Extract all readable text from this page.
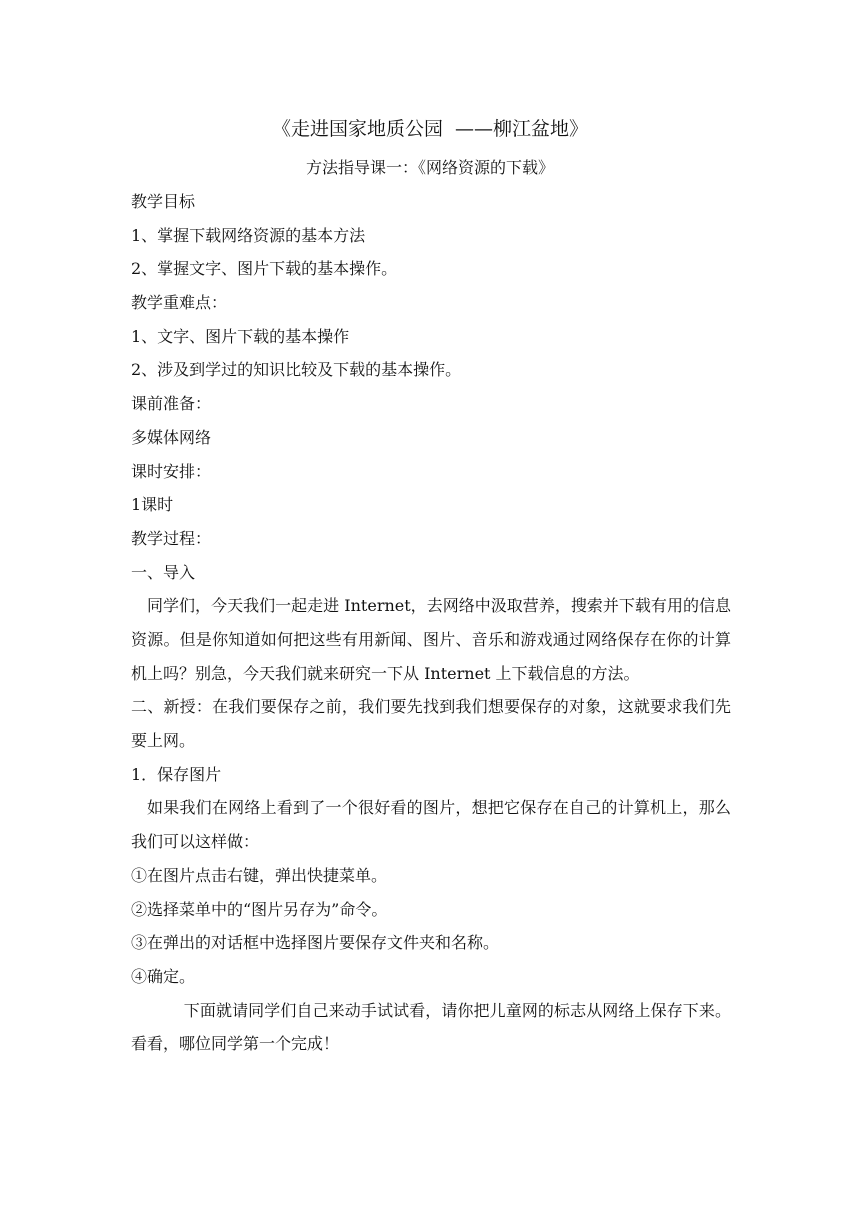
《走进国家地质公园  ——柳江盆地》
方法指导课一：《网络资源的下载》

教学目标

1、掌握下载网络资源的基本方法

2、掌握文字、图片下载的基本操作。

教学重难点：

1、文字、图片下载的基本操作

2、涉及到学过的知识比较及下载的基本操作。

课前准备：

多媒体网络

课时安排：

1课时

教学过程：

一、导入

同学们，今天我们一起走进 Internet，去网络中汲取营养，搜索并下载有用的信息资源。但是你知道如何把这些有用新闻、图片、音乐和游戏通过网络保存在你的计算机上吗？别急，今天我们就来研究一下从 Internet 上下载信息的方法。

二、新授：在我们要保存之前，我们要先找到我们想要保存的对象，这就要求我们先要上网。

1．保存图片

如果我们在网络上看到了一个很好看的图片，想把它保存在自己的计算机上，那么我们可以这样做：

①在图片点击右键，弹出快捷菜单。

②选择菜单中的“图片另存为”命令。

③在弹出的对话框中选择图片要保存文件夹和名称。

④确定。

下面就请同学们自己来动手试试看，请你把儿童网的标志从网络上保存下来。看看，哪位同学第一个完成！
